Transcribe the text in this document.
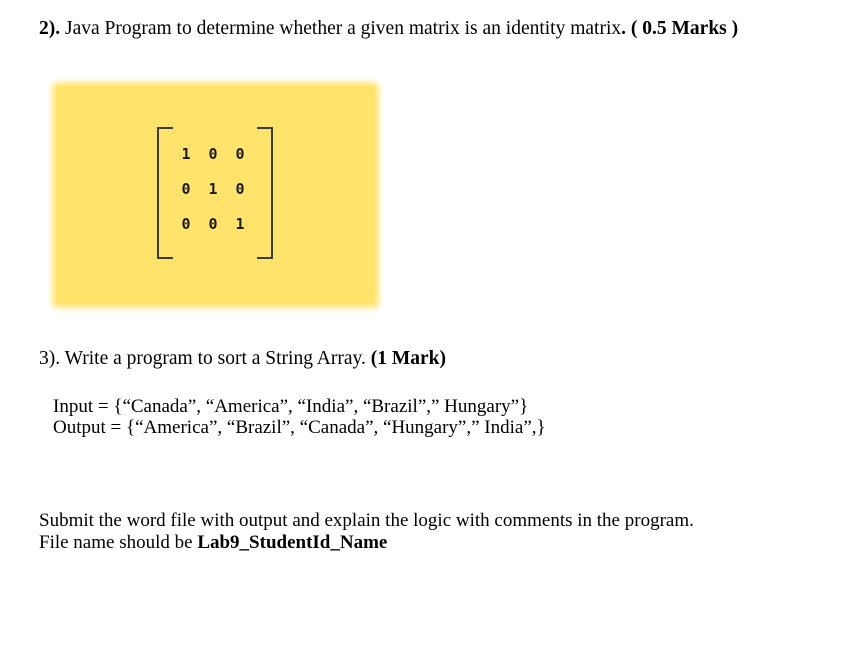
2). Java Program to determine whether a given matrix is an identity matrix. ( 0.5 Marks )
1	0	0
0	1	0
0	0	1
3). Write a program to sort a String Array. (1 Mark)
Input = {“Canada”, “America”, “India”, “Brazil”,” Hungary”}
Output = {“America”, “Brazil”, “Canada”, “Hungary”,” India”,}
Submit the word file with output and explain the logic with comments in the program.
File name should be Lab9_StudentId_Name
